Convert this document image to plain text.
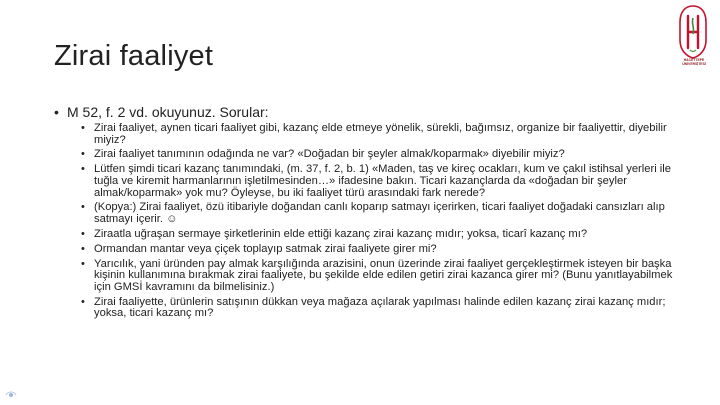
Zirai faaliyet	HACETTEPE
ÜNİVERSİTESİ
• M 52, f. 2 vd. okuyunuz. Sorular:
• Zirai faaliyet, aynen ticari faaliyet gibi, kazanç elde etmeye yönelik, sürekli, bağımsız, organize bir faaliyettir, diyebilir miyiz?
• Zirai faaliyet tanımının odağında ne var? «Doğadan bir şeyler almak/koparmak» diyebilir miyiz?
• Lütfen şimdi ticari kazanç tanımındaki, (m. 37, f. 2, b. 1) «Maden, taş ve kireç ocakları, kum ve çakıl istihsal yerleri ile tuğla ve kiremit harmanlarının işletilmesinden…» ifadesine bakın. Ticari kazançlarda da «doğadan bir şeyler almak/koparmak» yok mu? Öyleyse, bu iki faaliyet türü arasındaki fark nerede?
• (Kopya:) Zirai faaliyet, özü itibariyle doğandan canlı koparıp satmayı içerirken, ticari faaliyet doğadaki cansızları alıp satmayı içerir. ☺
• Ziraatla uğraşan sermaye şirketlerinin elde ettiği kazanç zirai kazanç mıdır; yoksa, ticarî kazanç mı?
• Ormandan mantar veya çiçek toplayıp satmak zirai faaliyete girer mi?
• Yarıcılık, yani üründen pay almak karşılığında arazisini, onun üzerinde zirai faaliyet gerçekleştirmek isteyen bir başka kişinin kullanımına bırakmak zirai faaliyete, bu şekilde elde edilen getiri zirai kazanca girer mi? (Bunu yanıtlayabilmek için GMSİ kavramını da bilmelisiniz.)
• Zirai faaliyette, ürünlerin satışının dükkan veya mağaza açılarak yapılması halinde edilen kazanç zirai kazanç mıdır; yoksa, ticari kazanç mı?
